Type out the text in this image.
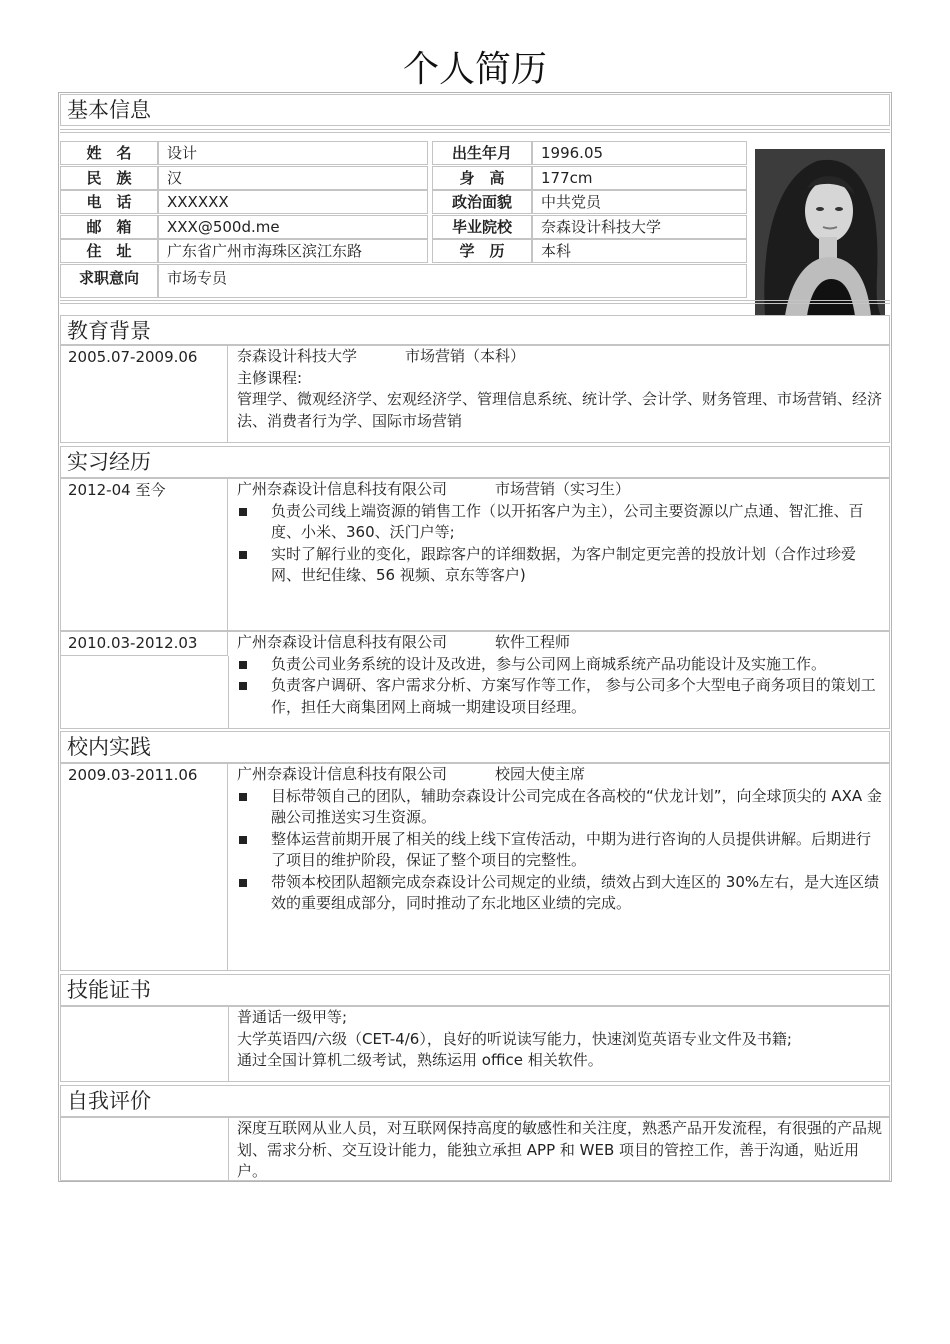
个人简历
基本信息
姓　名	设计	出生年月	1996.05
民　族	汉	身　高	177cm
电　话	XXXXXX	政治面貌	中共党员
邮　箱	XXX@500d.me	毕业院校	奈森设计科技大学
住　址	广东省广州市海珠区滨江东路	学　历	本科
求职意向	市场专员
教育背景
2005.07-2009.06	奈森设计科技大学	市场营销（本科）
主修课程:
管理学、微观经济学、宏观经济学、管理信息系统、统计学、会计学、财务管理、市场营销、经济法、消费者行为学、国际市场营销
实习经历
2012-04 至今	广州奈森设计信息科技有限公司	市场营销（实习生）
负责公司线上端资源的销售工作（以开拓客户为主），公司主要资源以广点通、智汇推、百度、小米、360、沃门户等;
实时了解行业的变化，跟踪客户的详细数据，为客户制定更完善的投放计划（合作过珍爱网、世纪佳缘、56 视频、京东等客户)
2010.03-2012.03	广州奈森设计信息科技有限公司	软件工程师
负责公司业务系统的设计及改进，参与公司网上商城系统产品功能设计及实施工作。
负责客户调研、客户需求分析、方案写作等工作， 参与公司多个大型电子商务项目的策划工作，担任大商集团网上商城一期建设项目经理。
校内实践
2009.03-2011.06	广州奈森设计信息科技有限公司	校园大使主席
目标带领自己的团队，辅助奈森设计公司完成在各高校的“伏龙计划”，向全球顶尖的 AXA 金融公司推送实习生资源。
整体运营前期开展了相关的线上线下宣传活动，中期为进行咨询的人员提供讲解。后期进行了项目的维护阶段，保证了整个项目的完整性。
带领本校团队超额完成奈森设计公司规定的业绩，绩效占到大连区的 30%左右，是大连区绩效的重要组成部分，同时推动了东北地区业绩的完成。
技能证书
普通话一级甲等;
大学英语四/六级（CET-4/6），良好的听说读写能力，快速浏览英语专业文件及书籍;
通过全国计算机二级考试，熟练运用 office 相关软件。
自我评价
深度互联网从业人员，对互联网保持高度的敏感性和关注度，熟悉产品开发流程，有很强的产品规划、需求分析、交互设计能力，能独立承担 APP 和 WEB 项目的管控工作，善于沟通，贴近用户。
